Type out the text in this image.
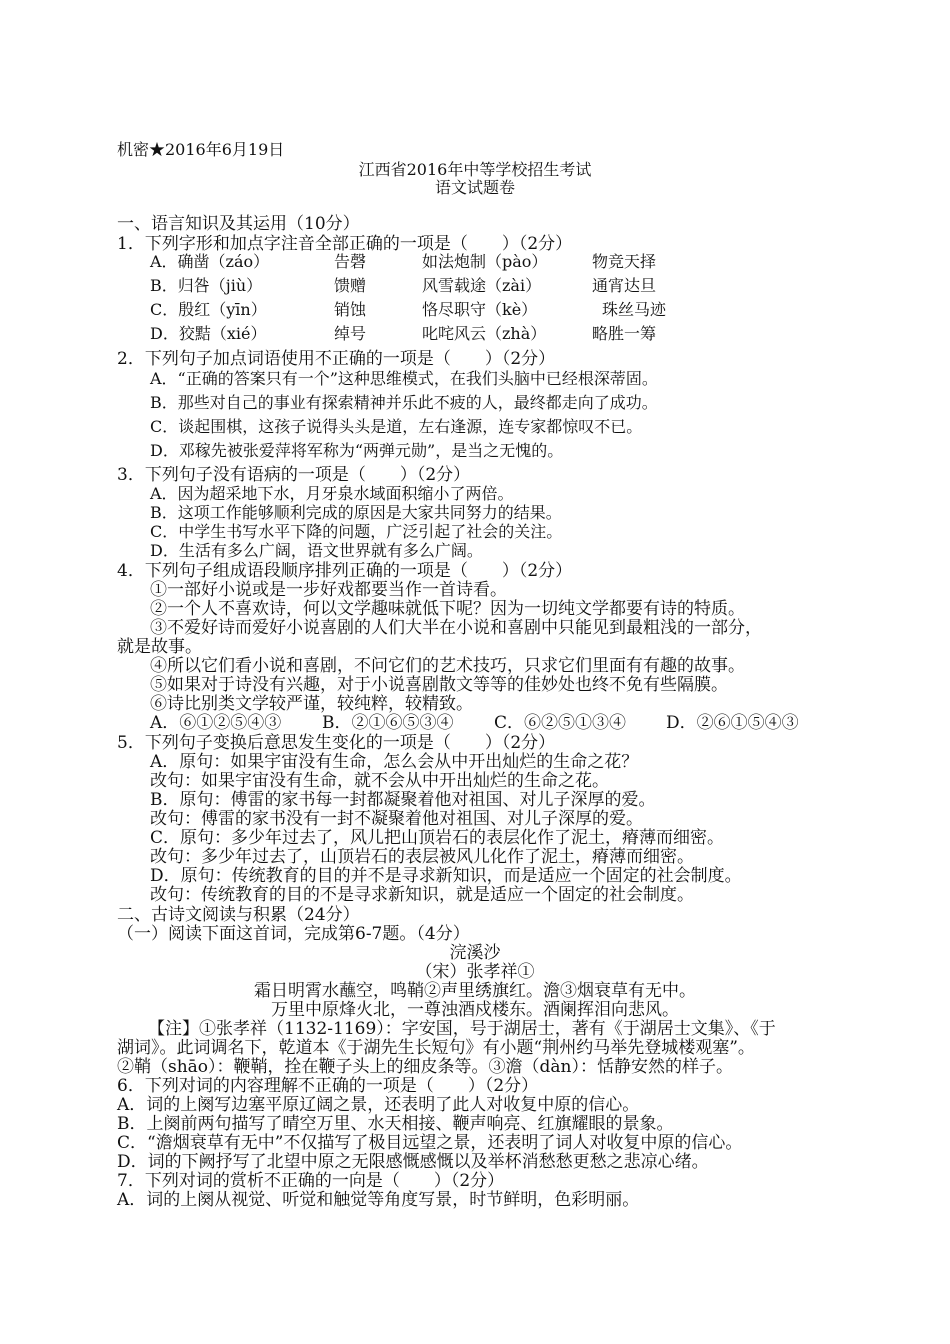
机密★2016年6月19日
江西省2016年中等学校招生考试
语文试题卷
一、语言知识及其运用（10分）
1．下列字形和加点字注音全部正确的一项是（　　）（2分）
A．确凿（záo）	告磬	如法炮制（pào）	物竞天择
B．归咎（jiù）	馈赠	风雪载途（zài）	通宵达旦
C．殷红（yīn）	销蚀	恪尽职守（kè）	珠丝马迹
D．狡黠（xié）	绰号	叱咤风云（zhà）	略胜一筹
2．下列句子加点词语使用不正确的一项是（　　）（2分）
A．“正确的答案只有一个”这种思维模式，在我们头脑中已经根深蒂固。
B．那些对自己的事业有探索精神并乐此不疲的人，最终都走向了成功。
C．谈起围棋，这孩子说得头头是道，左右逢源，连专家都惊叹不已。
D．邓稼先被张爱萍将军称为“两弹元勋”，是当之无愧的。
3．下列句子没有语病的一项是（　　）（2分）
A．因为超采地下水，月牙泉水域面积缩小了两倍。
B．这项工作能够顺利完成的原因是大家共同努力的结果。
C．中学生书写水平下降的问题，广泛引起了社会的关注。
D．生活有多么广阔，语文世界就有多么广阔。
4．下列句子组成语段顺序排列正确的一项是（　　）（2分）
①一部好小说或是一步好戏都要当作一首诗看。
②一个人不喜欢诗，何以文学趣味就低下呢？因为一切纯文学都要有诗的特质。
③不爱好诗而爱好小说喜剧的人们大半在小说和喜剧中只能见到最粗浅的一部分，
就是故事。
④所以它们看小说和喜剧，不问它们的艺术技巧，只求它们里面有有趣的故事。
⑤如果对于诗没有兴趣，对于小说喜剧散文等等的佳妙处也终不免有些隔膜。
⑥诗比别类文学较严谨，较纯粹，较精致。
A．⑥①②⑤④③ B．②①⑥⑤③④ C．⑥②⑤①③④ D．②⑥①⑤④③
5．下列句子变换后意思发生变化的一项是（　　）（2分）
A．原句：如果宇宙没有生命，怎么会从中开出灿烂的生命之花？
改句：如果宇宙没有生命，就不会从中开出灿烂的生命之花。
B．原句：傅雷的家书每一封都凝聚着他对祖国、对儿子深厚的爱。
改句：傅雷的家书没有一封不凝聚着他对祖国、对儿子深厚的爱。
C．原句：多少年过去了，风儿把山顶岩石的表层化作了泥土，瘠薄而细密。
改句：多少年过去了，山顶岩石的表层被风儿化作了泥土，瘠薄而细密。
D．原句：传统教育的目的并不是寻求新知识，而是适应一个固定的社会制度。
改句：传统教育的目的不是寻求新知识，就是适应一个固定的社会制度。
二、古诗文阅读与积累（24分）
（一）阅读下面这首词，完成第6-7题。（4分）
浣溪沙
（宋）张孝祥①
霜日明霄水蘸空，鸣鞘②声里绣旗红。澹③烟衰草有无中。
万里中原烽火北，一尊浊酒戍楼东。酒阑挥泪向悲风。
【注】①张孝祥（1132-1169）：字安国，号于湖居士，著有《于湖居士文集》、《于
湖词》。此词调名下，乾道本《于湖先生长短句》有小题“荆州约马举先登城楼观塞”。
②鞘（shāo）：鞭鞘，拴在鞭子头上的细皮条等。③澹（dàn）：恬静安然的样子。
6．下列对词的内容理解不正确的一项是（　　）（2分）
A．词的上阕写边塞平原辽阔之景，还表明了此人对收复中原的信心。
B．上阕前两句描写了晴空万里、水天相接、鞭声响亮、红旗耀眼的景象。
C．“澹烟衰草有无中”不仅描写了极目远望之景，还表明了词人对收复中原的信心。
D．词的下阙抒写了北望中原之无限感慨感慨以及举杯消愁愁更愁之悲凉心绪。
7．下列对词的赏析不正确的一向是（　　）（2分）
A．词的上阕从视觉、听觉和触觉等角度写景，时节鲜明，色彩明丽。
